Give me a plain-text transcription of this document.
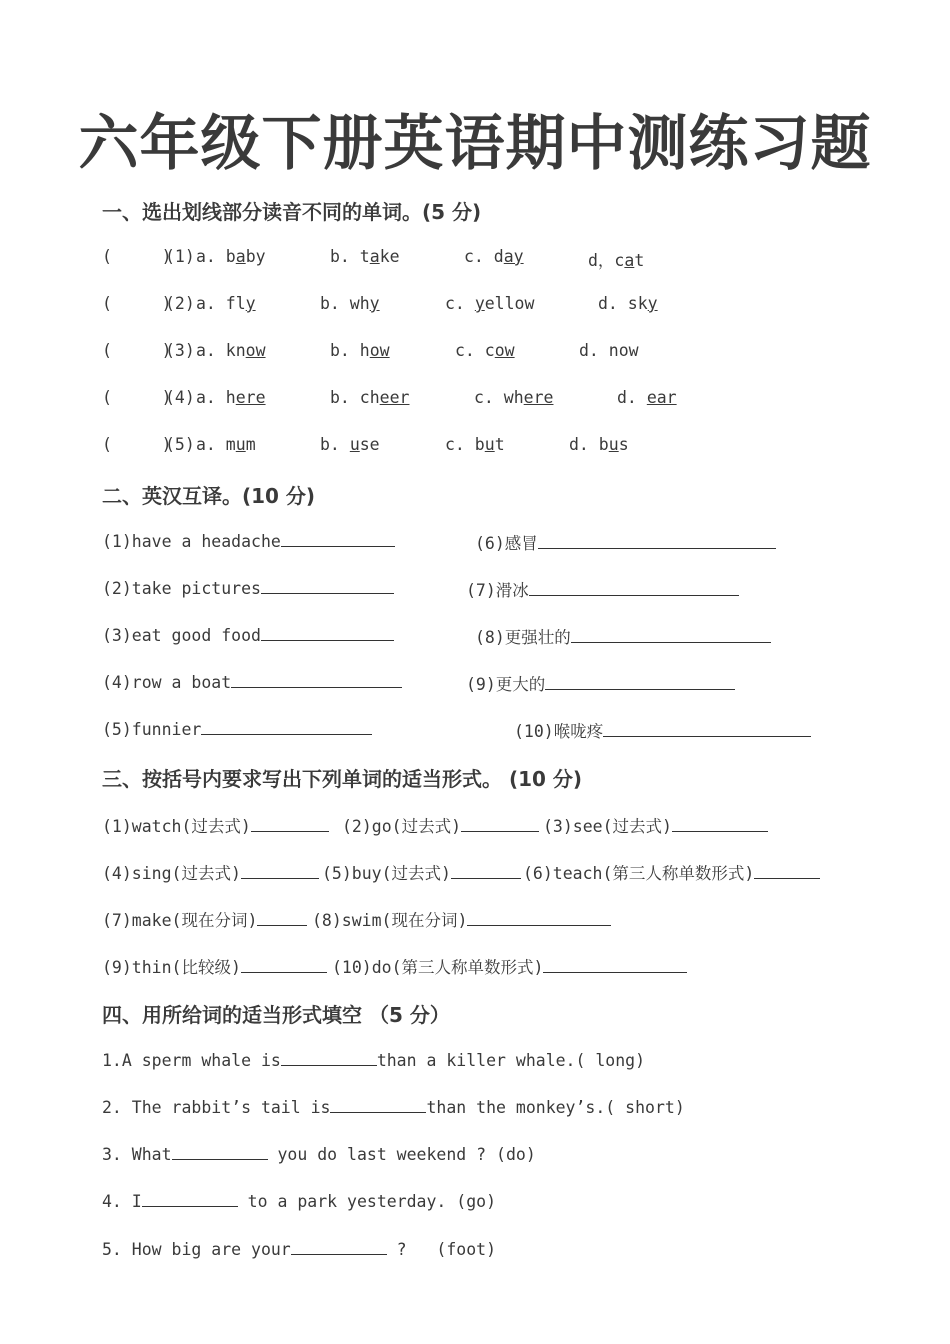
六年级下册英语期中测练习题
一、选出划线部分读音不同的单词。(5 分)
(     )
(1) a. baby	b. take	c. day	d，cat
(     )
(2) a. fly	b. why	c. yellow	d. sky
(     )
(3) a. know	b. how	c. cow	d. now
(     )
(4) a. here	b. cheer	c. where	d. ear
(     )
(5) a. mum	b. use	c. but	d. bus
二、英汉互译。(10 分)
(1)have a headache	(6)感冒
(2)take pictures	(7)滑冰
(3)eat good food	(8)更强壮的
(4)row a boat	(9)更大的
(5)funnier	(10)喉咙疼
三、按括号内要求写出下列单词的适当形式。 (10 分)
(1)watch(过去式)	(2)go(过去式)	(3)see(过去式)
(4)sing(过去式)	(5)buy(过去式)	(6)teach(第三人称单数形式)
(7)make(现在分词)	(8)swim(现在分词)
(9)thin(比较级)	(10)do(第三人称单数形式)
四、用所给词的适当形式填空 （5 分）
1.A sperm whale is	than a killer whale.( long)
2. The rabbit’s tail is	than the monkey’s.( short)
3. What	you do last weekend ? (do)
4. I	to a park yesterday. (go)
5. How big are your	?   (foot)
